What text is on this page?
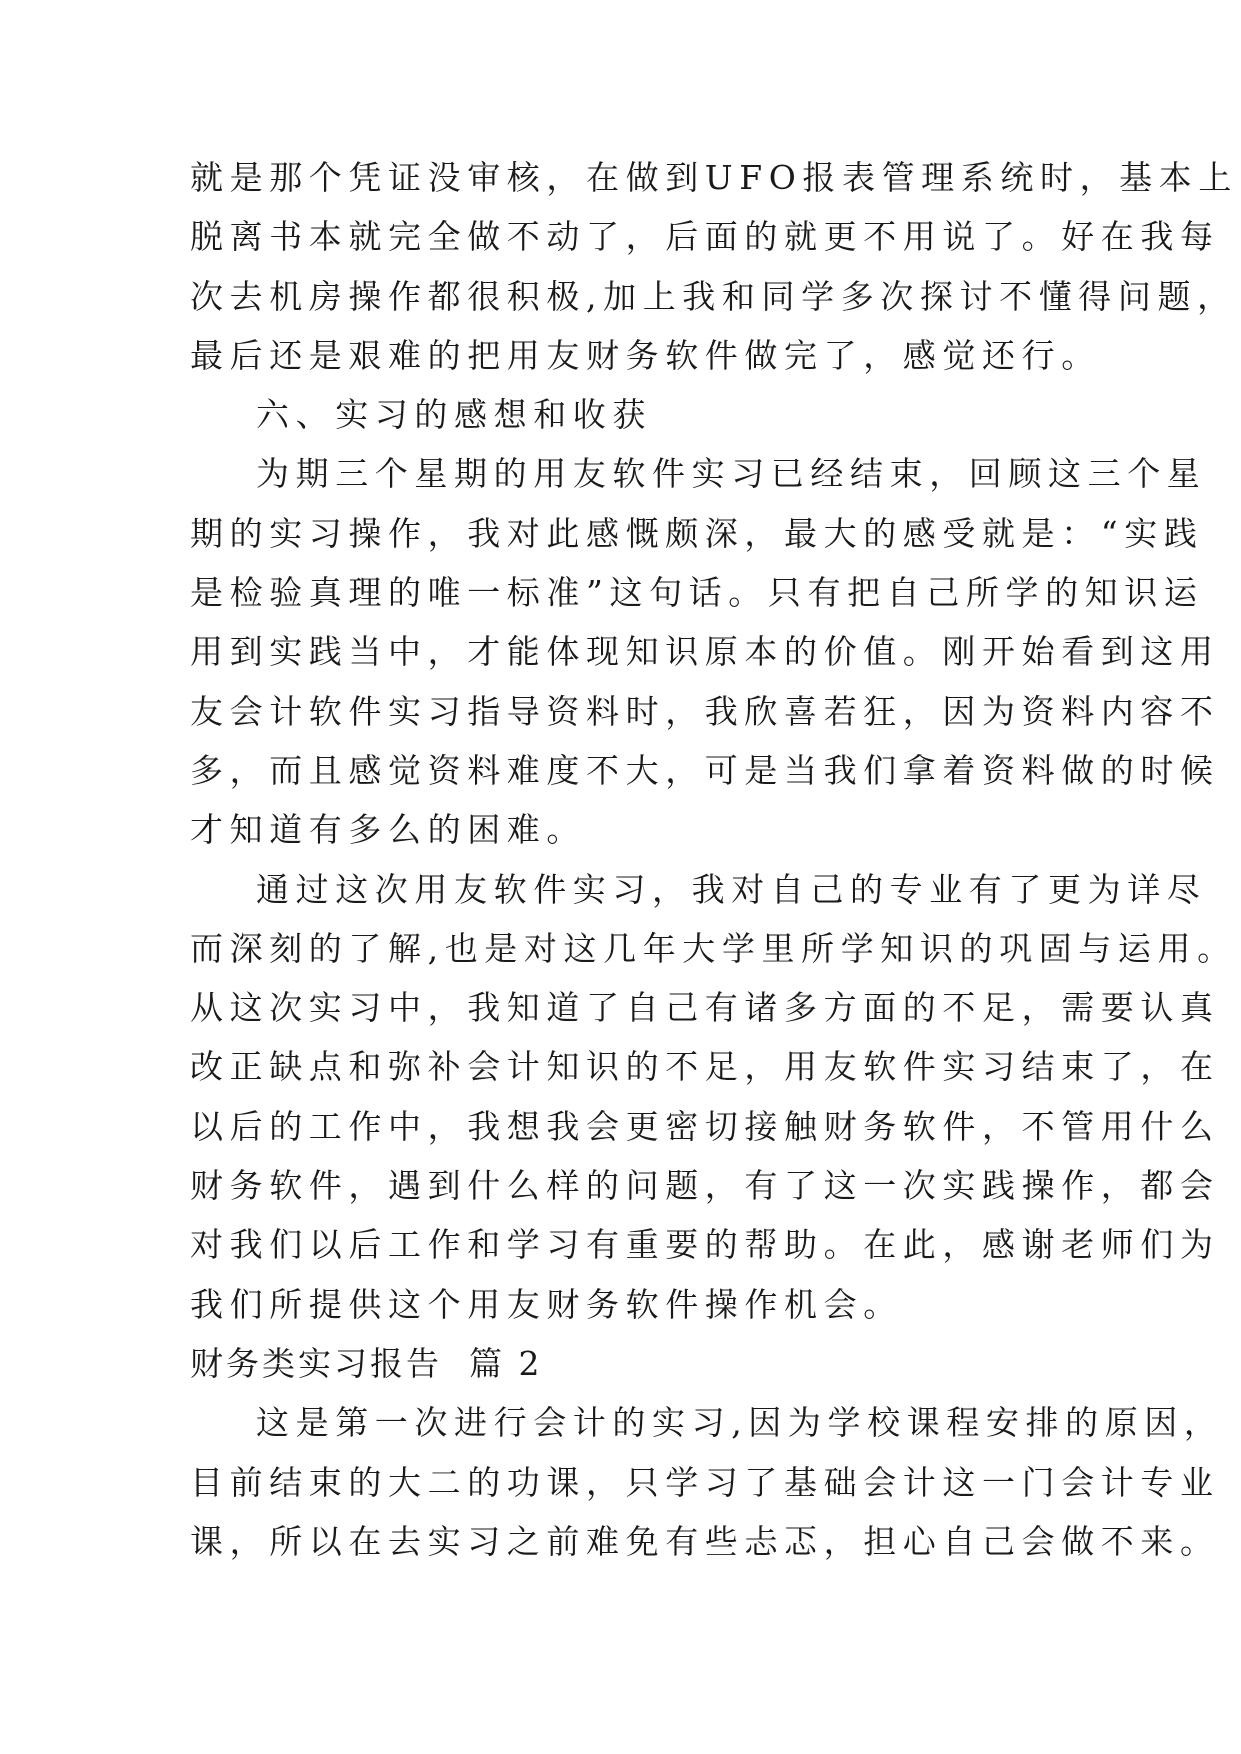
就是那个凭证没审核，在做到UFO报表管理系统时，基本上
脱离书本就完全做不动了，后面的就更不用说了。好在我每
次去机房操作都很积极,加上我和同学多次探讨不懂得问题，
最后还是艰难的把用友财务软件做完了，感觉还行。
六、实习的感想和收获
为期三个星期的用友软件实习已经结束，回顾这三个星
期的实习操作，我对此感慨颇深，最大的感受就是：“实践
是检验真理的唯一标准”这句话。只有把自己所学的知识运
用到实践当中，才能体现知识原本的价值。刚开始看到这用
友会计软件实习指导资料时，我欣喜若狂，因为资料内容不
多，而且感觉资料难度不大，可是当我们拿着资料做的时候
才知道有多么的困难。
通过这次用友软件实习，我对自己的专业有了更为详尽
而深刻的了解,也是对这几年大学里所学知识的巩固与运用。
从这次实习中，我知道了自己有诸多方面的不足，需要认真
改正缺点和弥补会计知识的不足，用友软件实习结束了，在
以后的工作中，我想我会更密切接触财务软件，不管用什么
财务软件，遇到什么样的问题，有了这一次实践操作，都会
对我们以后工作和学习有重要的帮助。在此，感谢老师们为
我们所提供这个用友财务软件操作机会。
财务类实习报告  篇 2
这是第一次进行会计的实习,因为学校课程安排的原因，
目前结束的大二的功课，只学习了基础会计这一门会计专业
课，所以在去实习之前难免有些忐忑，担心自己会做不来。
